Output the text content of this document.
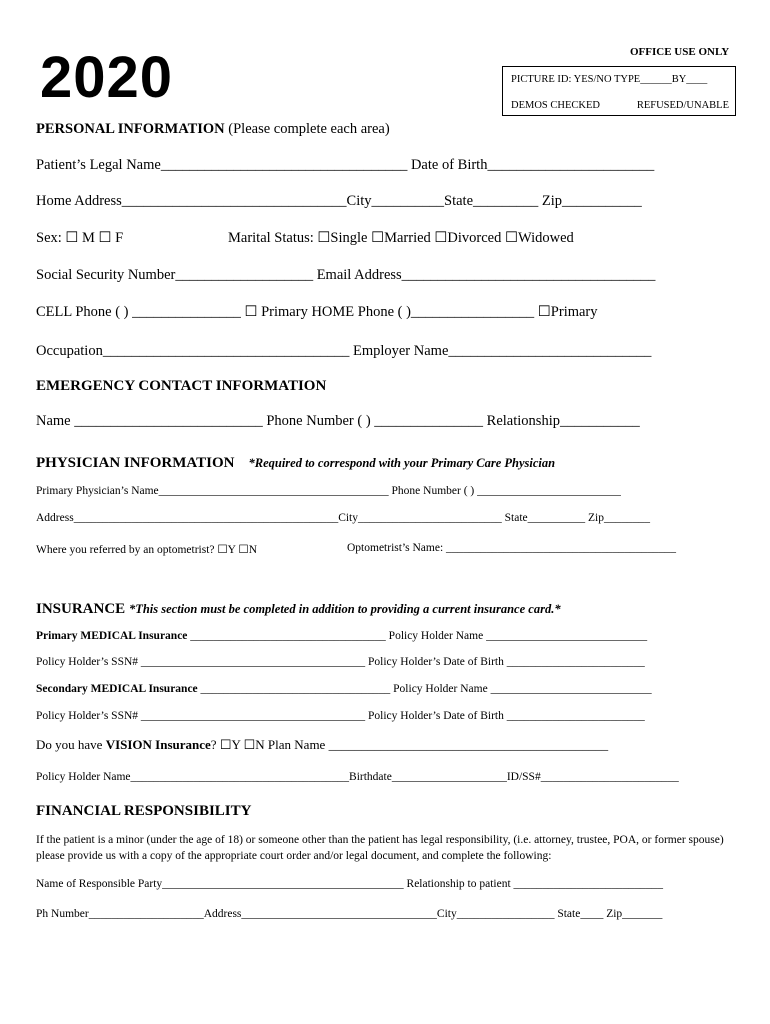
2020	OFFICE USE ONLY
PICTURE ID: YES/NO TYPE______BY____
DEMOS CHECKED	REFUSED/UNABLE
PERSONAL INFORMATION (Please complete each area)
Patient’s Legal Name__________________________________ Date of Birth_______________________
Home Address_______________________________City__________State_________ Zip___________
Sex: ☐ M ☐ F	Marital Status: ☐Single ☐Married ☐Divorced ☐Widowed
Social Security Number___________________ Email Address___________________________________
CELL Phone ( ) _______________ ☐ Primary HOME Phone ( )_________________ ☐Primary
Occupation__________________________________ Employer Name____________________________
EMERGENCY CONTACT INFORMATION
Name __________________________ Phone Number ( ) _______________ Relationship___________
PHYSICIAN INFORMATION *Required to correspond with your Primary Care Physician
Primary Physician’s Name________________________________________ Phone Number ( ) _________________________
Address______________________________________________City_________________________ State__________ Zip________
Where you referred by an optometrist? ☐Y ☐N	Optometrist’s Name: ________________________________________
INSURANCE *This section must be completed in addition to providing a current insurance card.*
Primary MEDICAL Insurance __________________________________ Policy Holder Name ____________________________
Policy Holder’s SSN# _______________________________________ Policy Holder’s Date of Birth ________________________
Secondary MEDICAL Insurance _________________________________ Policy Holder Name ____________________________
Policy Holder’s SSN# _______________________________________ Policy Holder’s Date of Birth ________________________
Do you have VISION Insurance? ☐Y ☐N Plan Name ___________________________________________
Policy Holder Name______________________________________Birthdate____________________ID/SS#________________________
FINANCIAL RESPONSIBILITY
If the patient is a minor (under the age of 18) or someone other than the patient has legal responsibility, (i.e. attorney, trustee, POA, or former spouse) please provide us with a copy of the appropriate court order and/or legal document, and complete the following:
Name of Responsible Party__________________________________________ Relationship to patient __________________________
Ph Number____________________Address__________________________________City_________________ State____ Zip_______
